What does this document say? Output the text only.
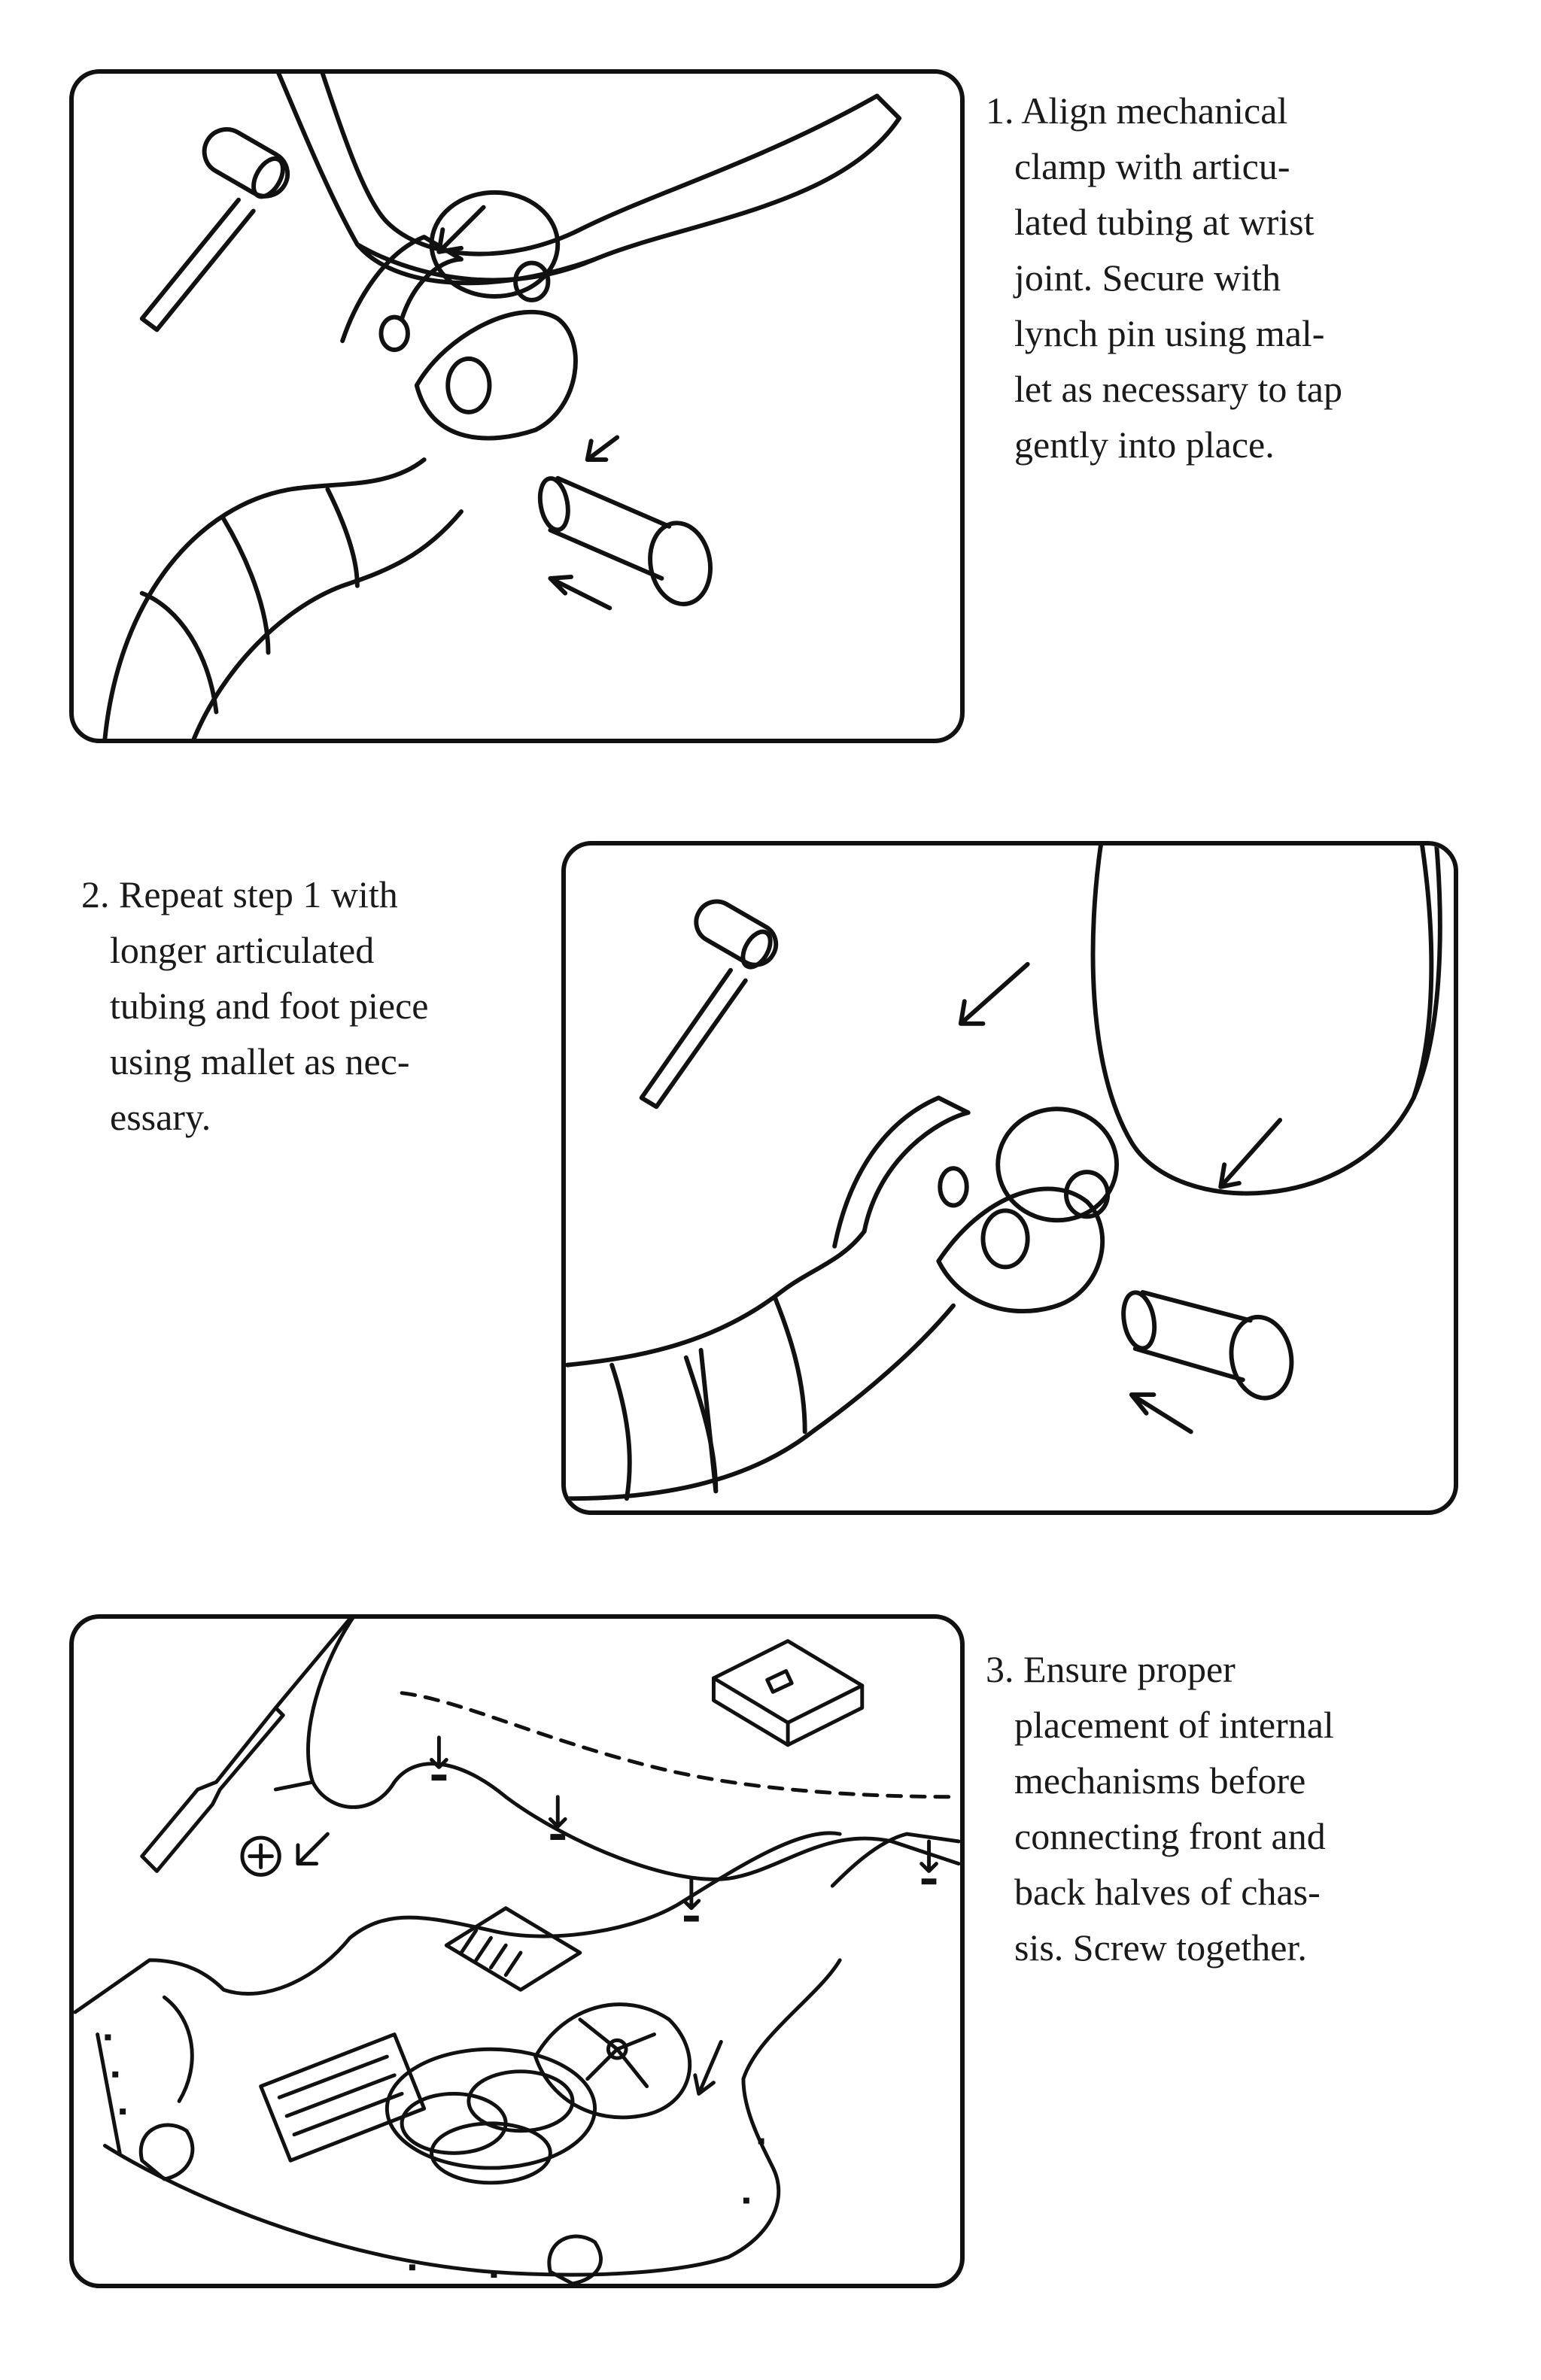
1. Align mechanical
clamp with articu-
lated tubing at wrist
joint. Secure with
lynch pin using mal-
let as necessary to tap
gently into place.
2. Repeat step 1 with
longer articulated
tubing and foot piece
using mallet as nec-
essary.
3. Ensure proper
placement of internal
mechanisms before
connecting front and
back halves of chas-
sis. Screw together.
